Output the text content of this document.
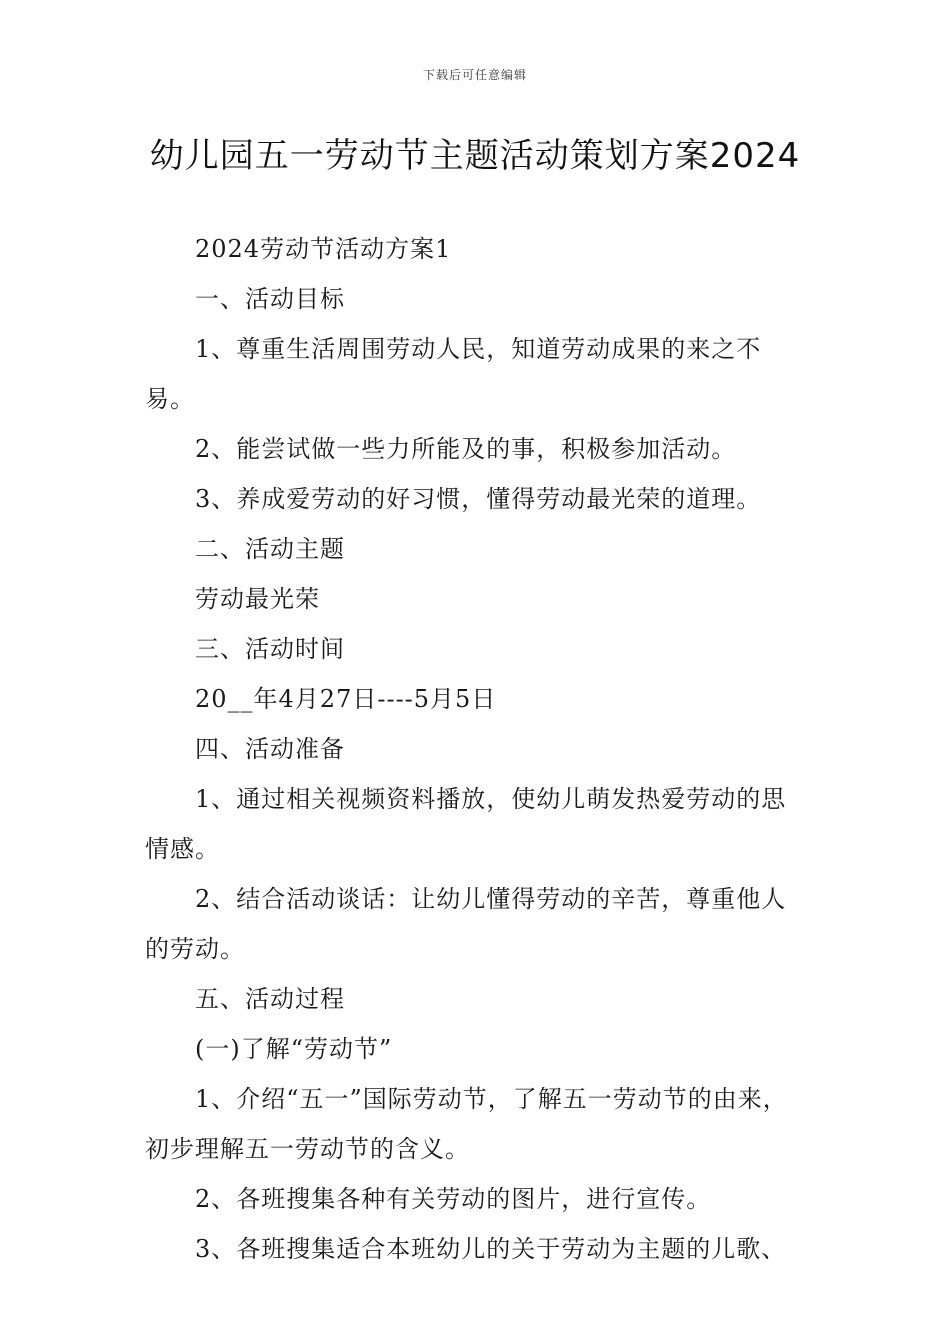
下载后可任意编辑
幼儿园五一劳动节主题活动策划方案2024

2024劳动节活动方案1

一、活动目标

1、尊重生活周围劳动人民，知道劳动成果的来之不易。

2、能尝试做一些力所能及的事，积极参加活动。

3、养成爱劳动的好习惯，懂得劳动最光荣的道理。

二、活动主题

劳动最光荣

三、活动时间

20__年4月27日----5月5日

四、活动准备

1、通过相关视频资料播放，使幼儿萌发热爱劳动的思情感。

2、结合活动谈话：让幼儿懂得劳动的辛苦，尊重他人的劳动。

五、活动过程

(一)了解“劳动节”

1、介绍“五一”国际劳动节，了解五一劳动节的由来，初步理解五一劳动节的含义。

2、各班搜集各种有关劳动的图片，进行宣传。

3、各班搜集适合本班幼儿的关于劳动为主题的儿歌、
